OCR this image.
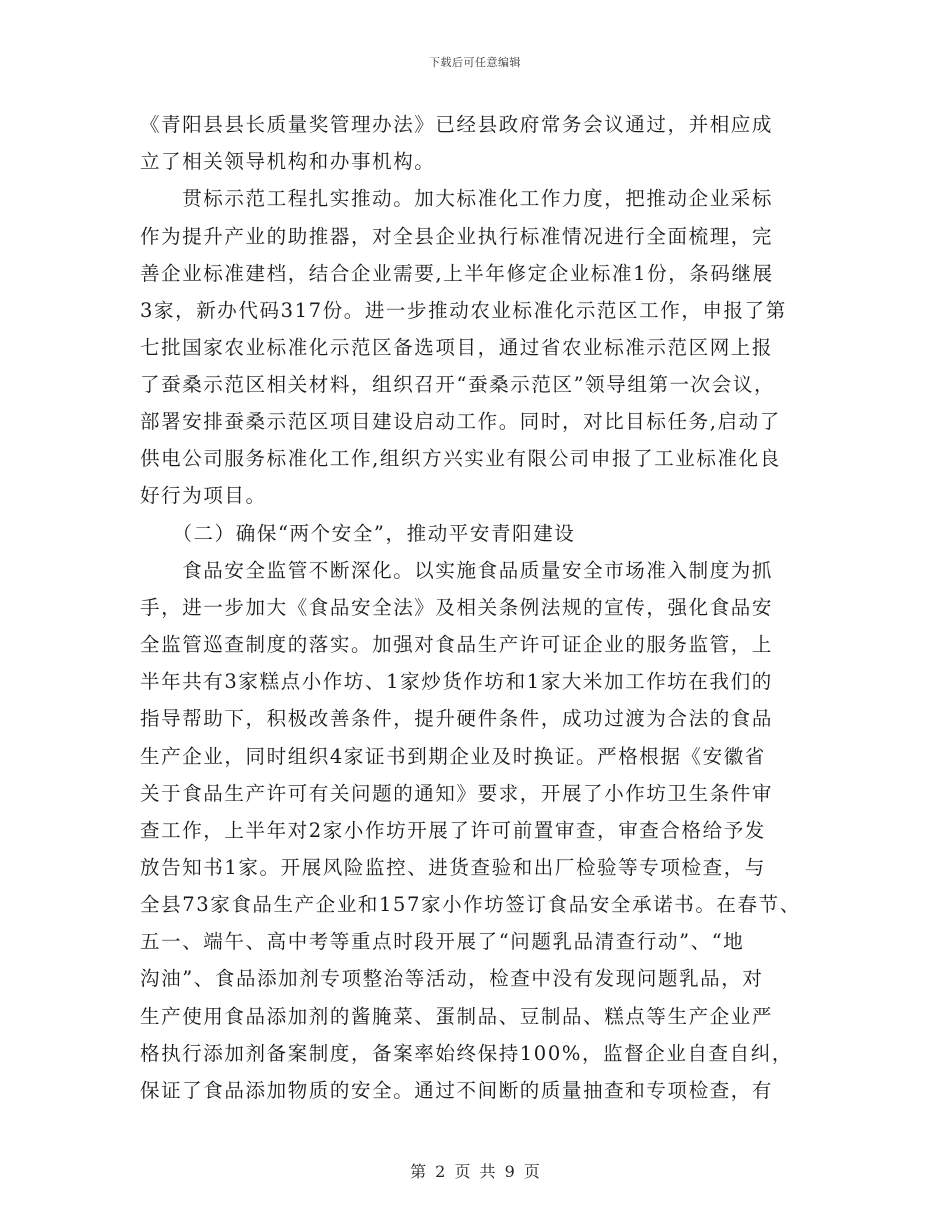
下载后可任意编辑
《青阳县县长质量奖管理办法》已经县政府常务会议通过，并相应成
立了相关领导机构和办事机构。
　　贯标示范工程扎实推动。加大标准化工作力度，把推动企业采标
作为提升产业的助推器，对全县企业执行标准情况进行全面梳理，完
善企业标准建档，结合企业需要,上半年修定企业标准1份，条码继展
3家，新办代码317份。进一步推动农业标准化示范区工作，申报了第
七批国家农业标准化示范区备选项目，通过省农业标准示范区网上报
了蚕桑示范区相关材料，组织召开“蚕桑示范区”领导组第一次会议，
部署安排蚕桑示范区项目建设启动工作。同时，对比目标任务,启动了
供电公司服务标准化工作,组织方兴实业有限公司申报了工业标准化良
好行为项目。
　　（二）确保“两个安全”，推动平安青阳建设
　　食品安全监管不断深化。以实施食品质量安全市场准入制度为抓
手，进一步加大《食品安全法》及相关条例法规的宣传，强化食品安
全监管巡查制度的落实。加强对食品生产许可证企业的服务监管，上
半年共有3家糕点小作坊、1家炒货作坊和1家大米加工作坊在我们的
指导帮助下，积极改善条件，提升硬件条件，成功过渡为合法的食品
生产企业，同时组织4家证书到期企业及时换证。严格根据《安徽省
关于食品生产许可有关问题的通知》要求，开展了小作坊卫生条件审
查工作，上半年对2家小作坊开展了许可前置审查，审查合格给予发
放告知书1家。开展风险监控、进货查验和出厂检验等专项检查，与
全县73家食品生产企业和157家小作坊签订食品安全承诺书。在春节、
五一、端午、高中考等重点时段开展了“问题乳品清查行动”、“地
沟油”、食品添加剂专项整治等活动，检查中没有发现问题乳品，对
生产使用食品添加剂的酱腌菜、蛋制品、豆制品、糕点等生产企业严
格执行添加剂备案制度，备案率始终保持100%，监督企业自查自纠，
保证了食品添加物质的安全。通过不间断的质量抽查和专项检查，有
第 2 页 共 9 页
